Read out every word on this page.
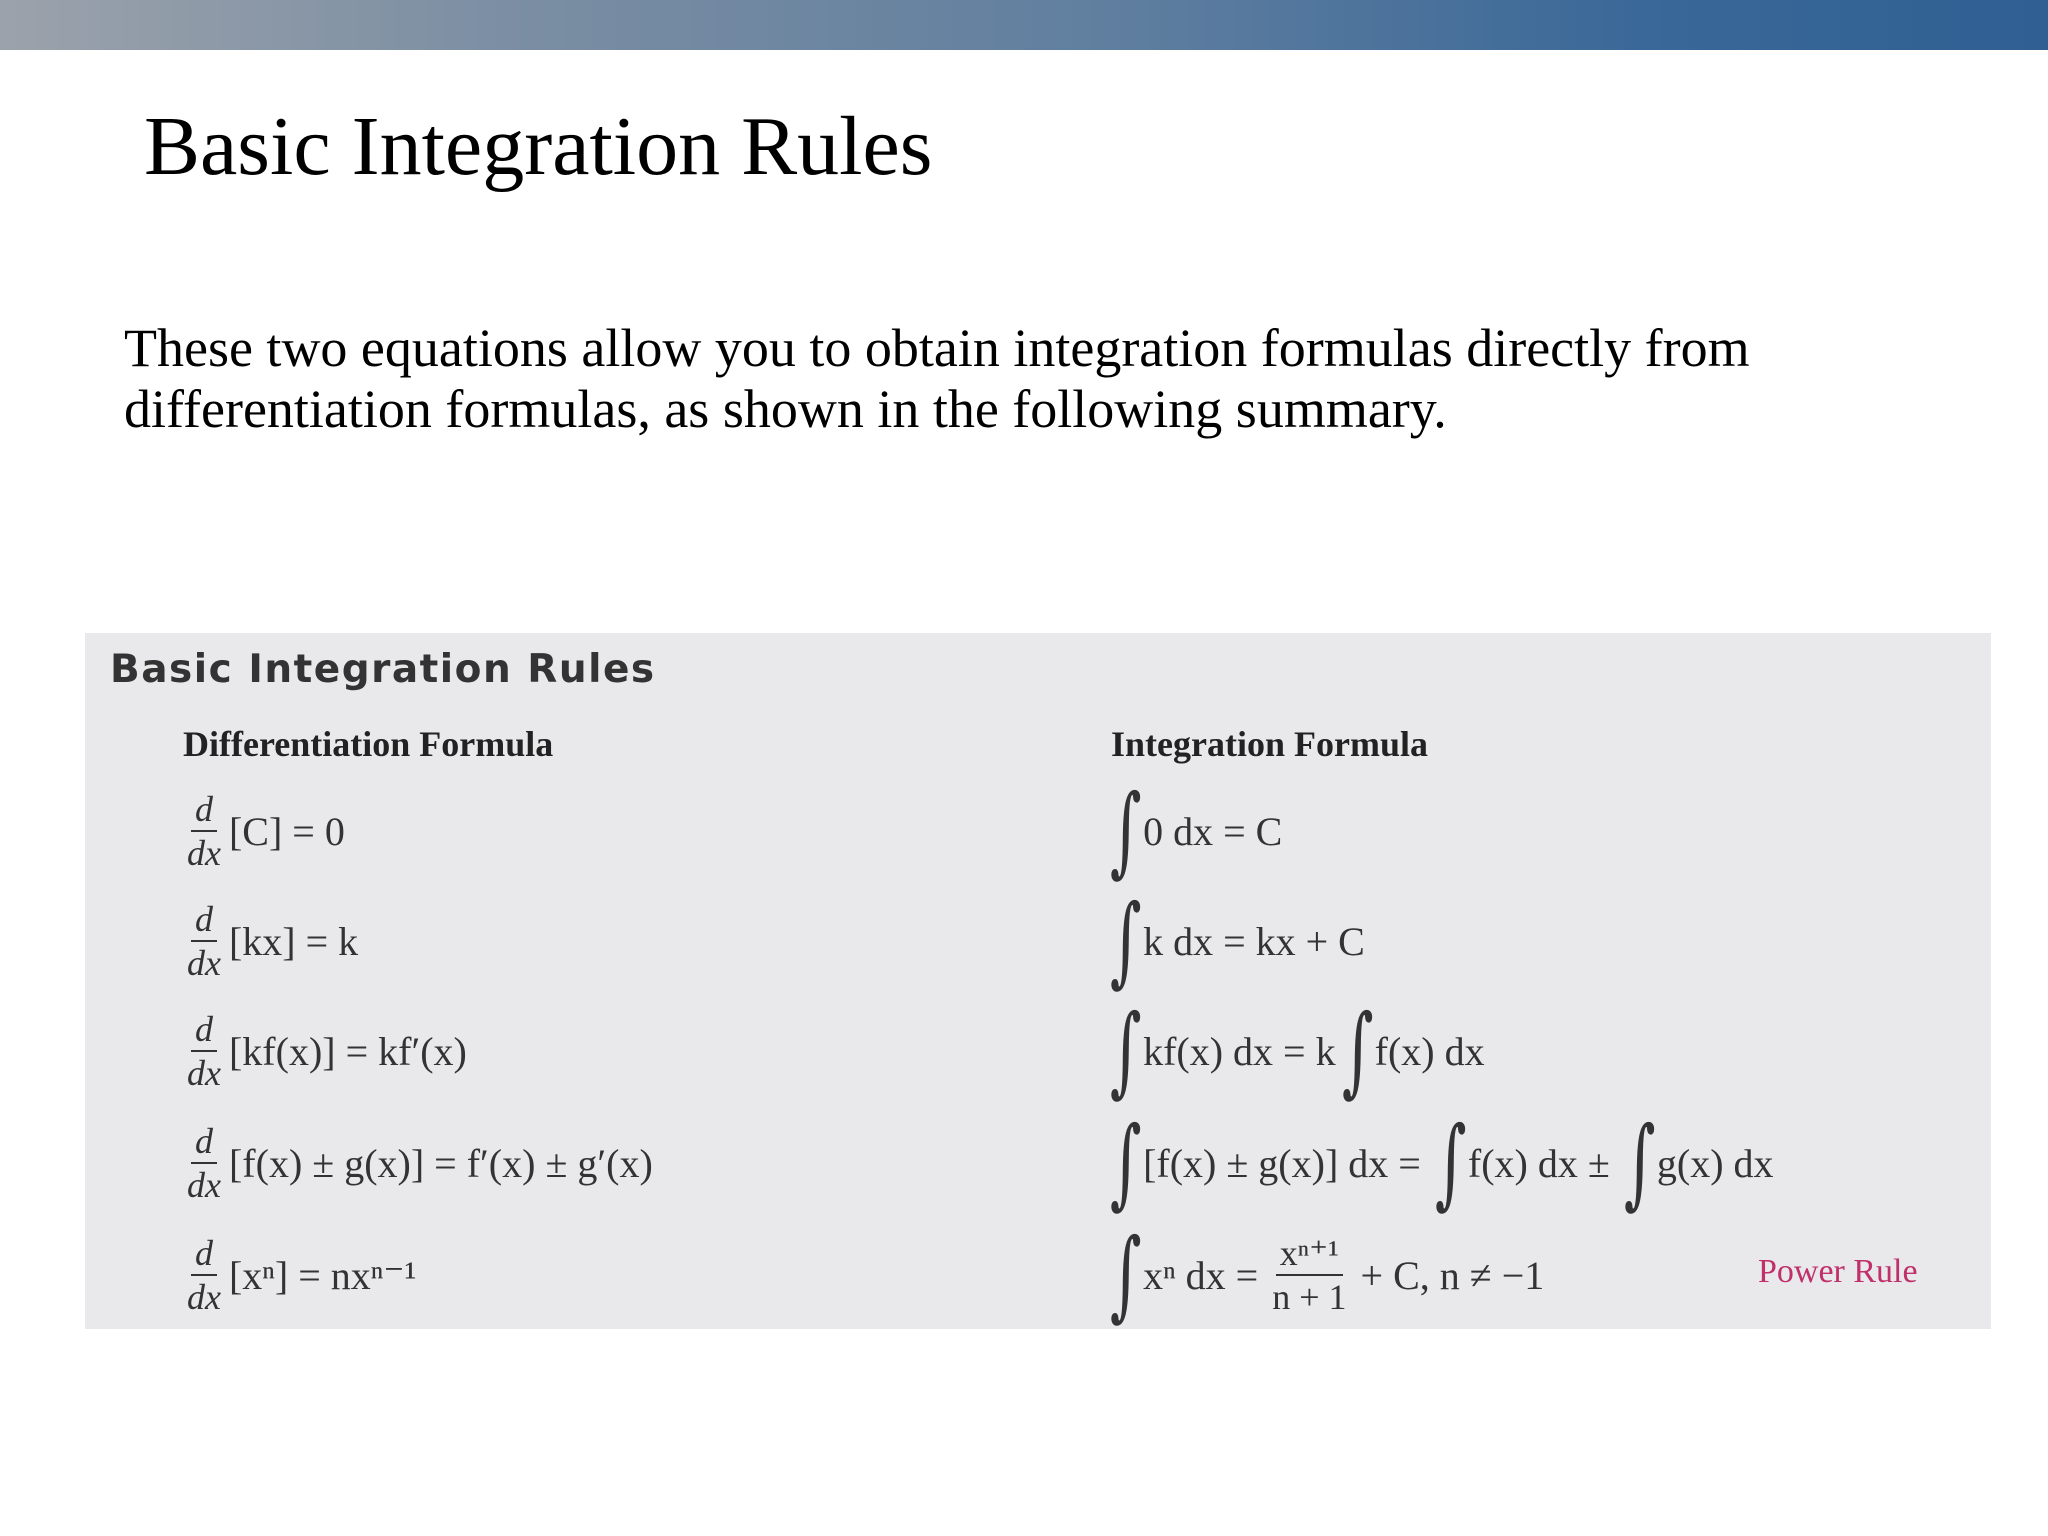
Basic Integration Rules
These two equations allow you to obtain integration formulas directly from differentiation formulas, as shown in the following summary.
Basic Integration Rules
Differentiation Formula	Integration Formula
$\frac{d}{dx} [C] = 0$
$\frac{d}{dx} [kx] = k$
$\frac{d}{dx} [kf(x)] = kf'(x)$
$\frac{d}{dx} [f(x) \pm g(x)] = f'(x) \pm g'(x)$
$\frac{d}{dx} [x^n] = nx^{n-1}$
∫ 0 dx = C
∫ k dx = kx + C
∫ kf(x) dx = k ∫ f(x) dx
∫ [f(x) ± g(x)] dx = ∫ f(x) dx ± ∫ g(x) dx
∫ xⁿ dx = $\frac{\text{xⁿ⁺¹}}{n + 1} + C$, n ≠ −1	Power Rule
